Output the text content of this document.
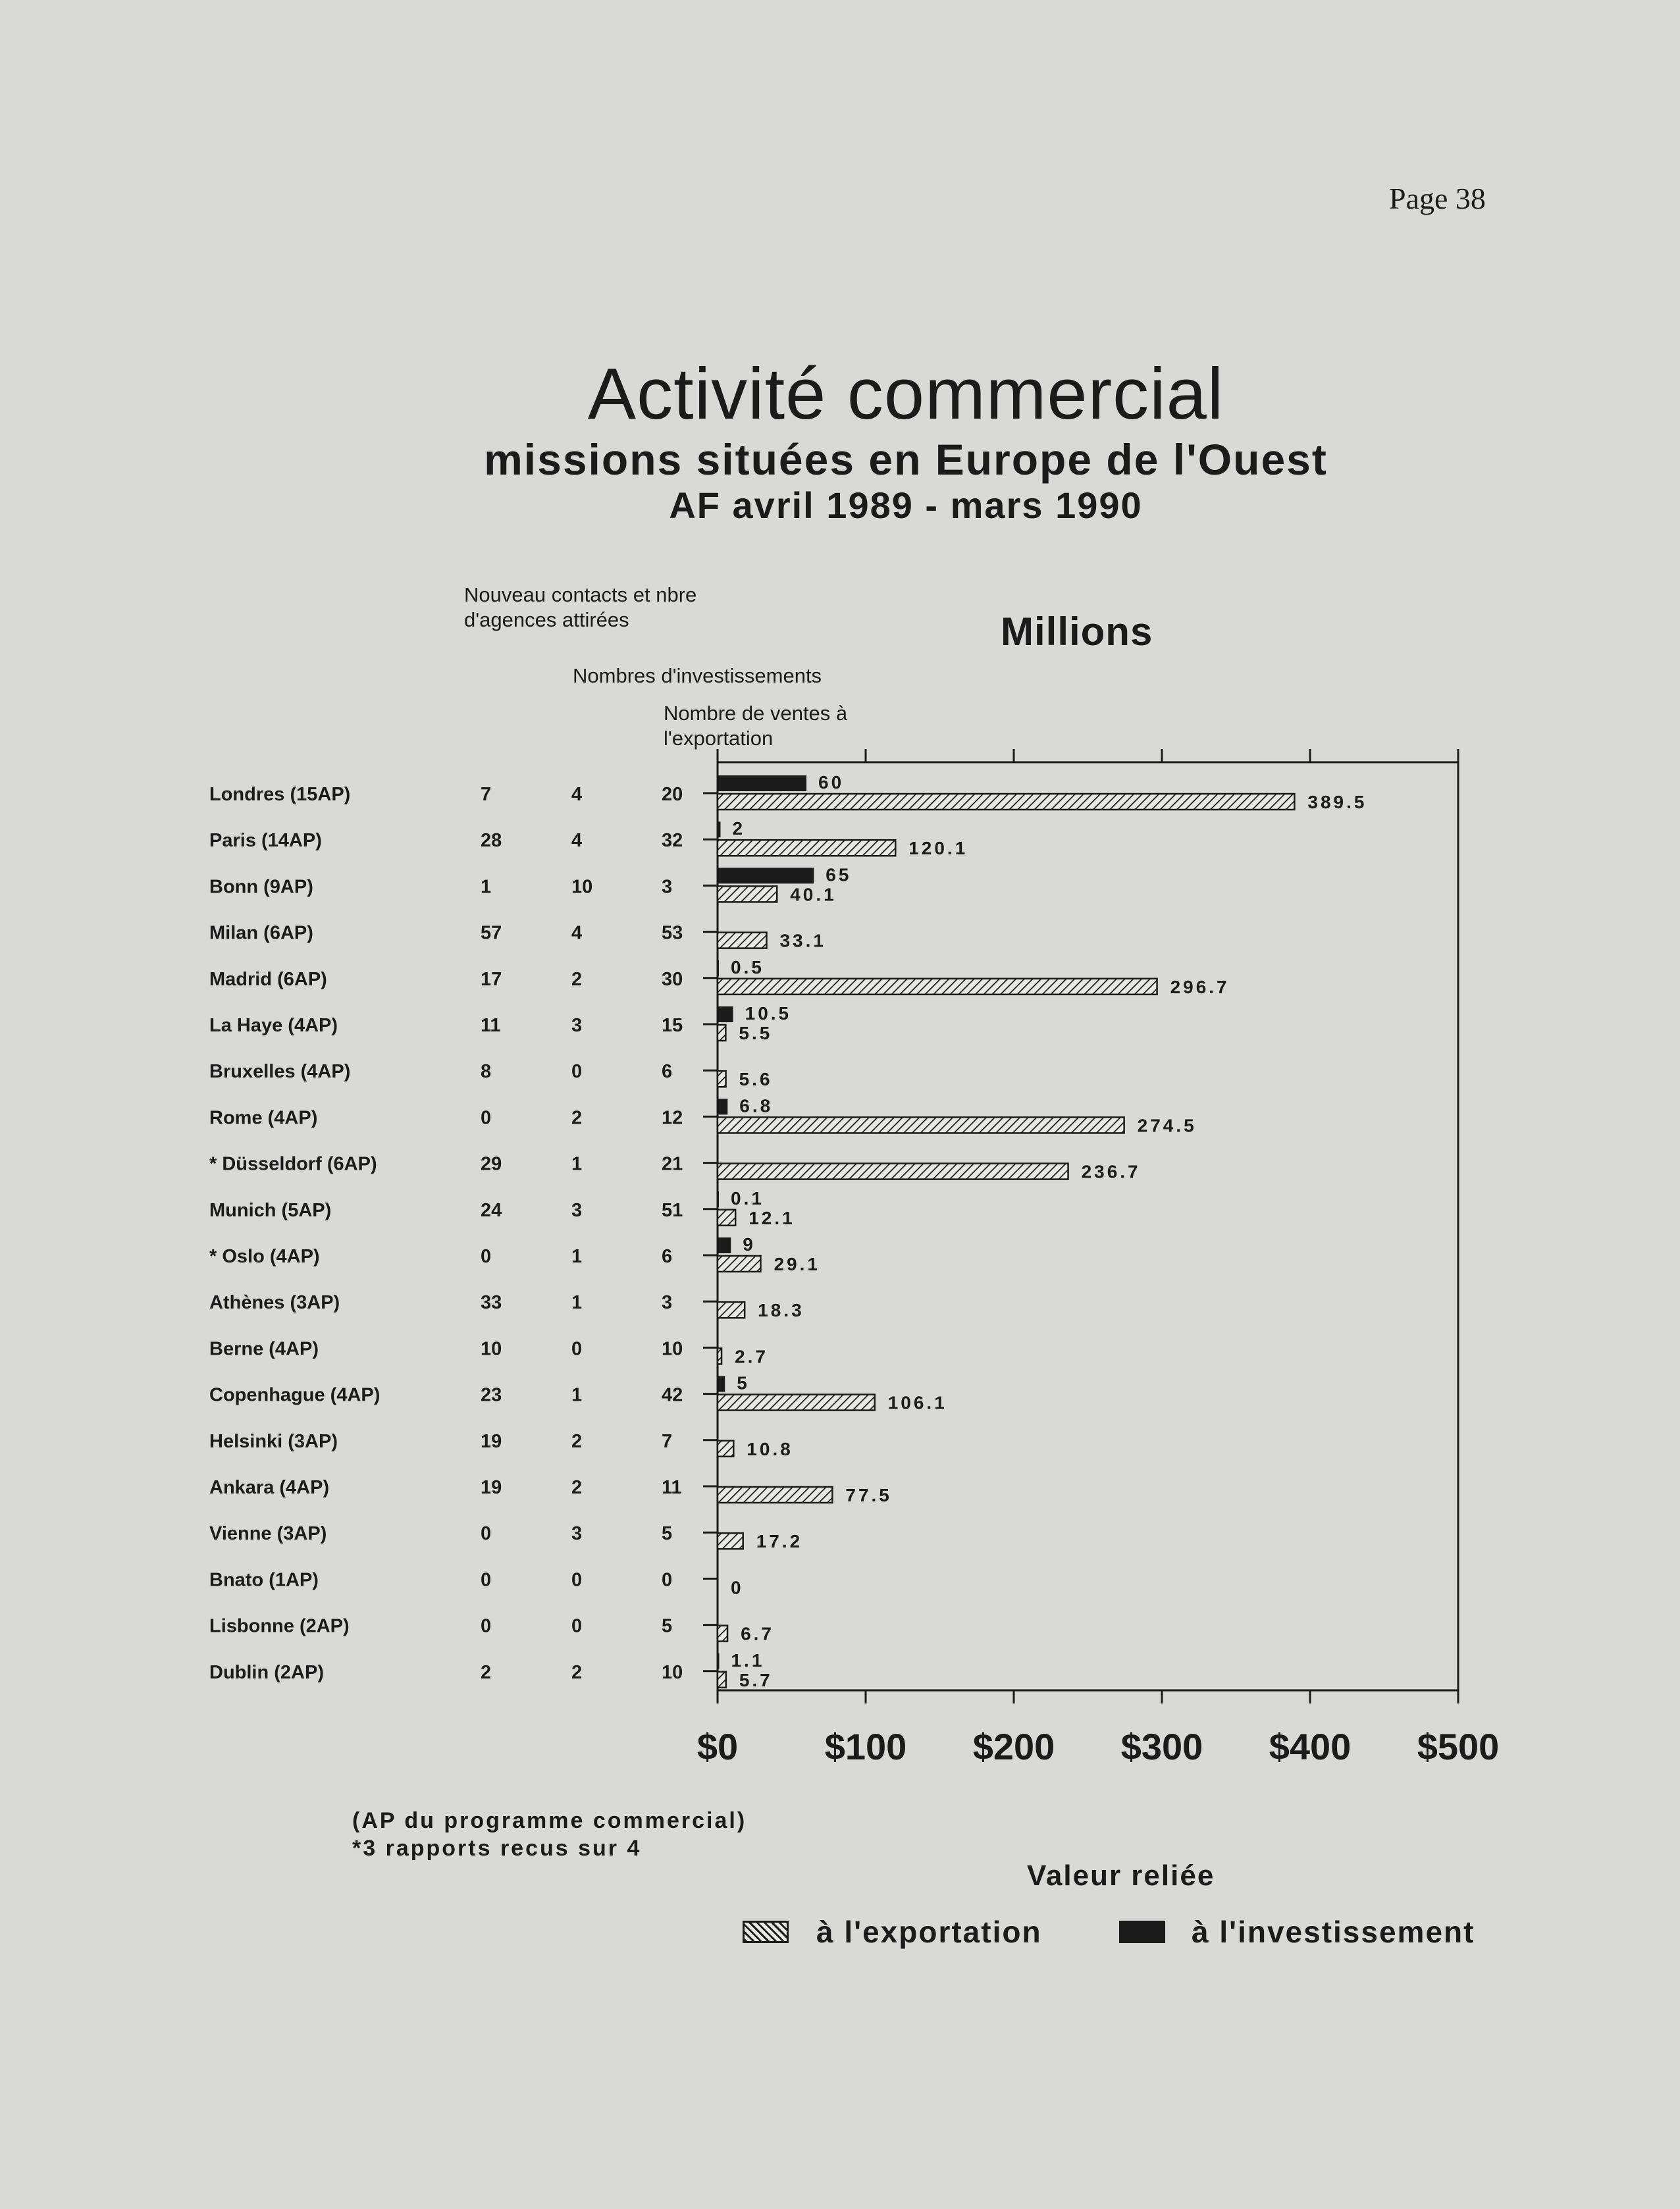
Page 38
Activité commercial
missions situées en Europe de l'Ouest
AF avril 1989 - mars 1990
Nouveau contacts et nbre d'agences attirées
Nombres d'investissements
Nombre de ventes à l'exportation
Millions
$0 $100 $200 $300 $400 $500
Londres (15AP)	7	4	20
Paris (14AP)	28	4	32
Bonn (9AP)	1	10	3
Milan (6AP)	57	4	53
Madrid (6AP)	17	2	30
La Haye (4AP)	11	3	15
Bruxelles (4AP)	8	0	6
Rome (4AP)	0	2	12
* Düsseldorf (6AP)	29	1	21
Munich (5AP)	24	3	51
* Oslo (4AP)	0	1	6
Athènes (3AP)	33	1	3
Berne (4AP)	10	0	10
Copenhague (4AP)	23	1	42
Helsinki (3AP)	19	2	7
Ankara (4AP)	19	2	11
Vienne (3AP)	0	3	5
Bnato (1AP)	0	0	0
Lisbonne (2AP)	0	0	5
Dublin (2AP)	2	2	10
389.5
60
120.1
2
40.1
65
33.1
296.7
0.5
5.5
10.5
5.6
274.5
6.8
236.7
12.1
0.1
29.1
9
18.3
2.7
106.1
5
10.8
77.5
17.2
0
6.7
5.7
1.1
(AP du programme commercial)
*3 rapports recus sur 4
Valeur reliée
à l'exportation	à l'investissement
